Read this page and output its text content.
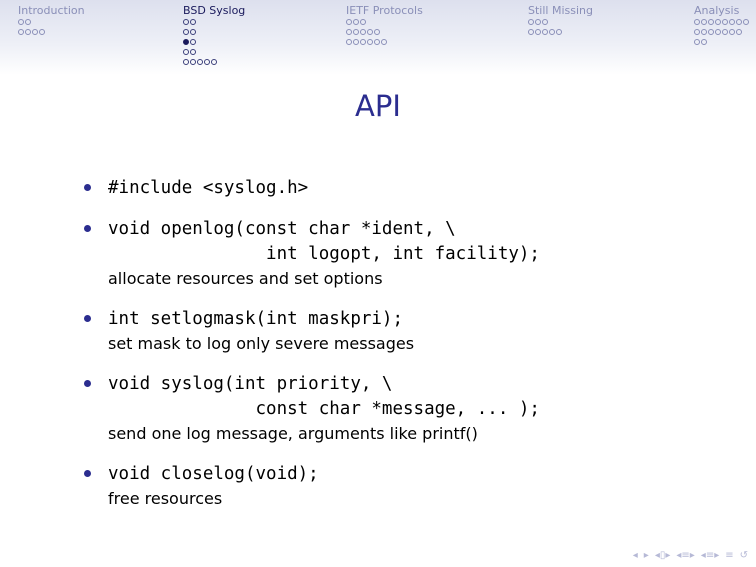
Introduction	BSD Syslog	IETF Protocols	Still Missing	Analysis
API
#include <syslog.h>
void openlog(const char *ident, \
int logopt, int facility);
allocate resources and set options
int setlogmask(int maskpri);
set mask to log only severe messages
void syslog(int priority, \
const char *message, ... );
send one log message, arguments like printf()
void closelog(void);
free resources
◂ ▸ ◂▯▸ ◂≡▸ ◂≡▸ ≡ ↺
